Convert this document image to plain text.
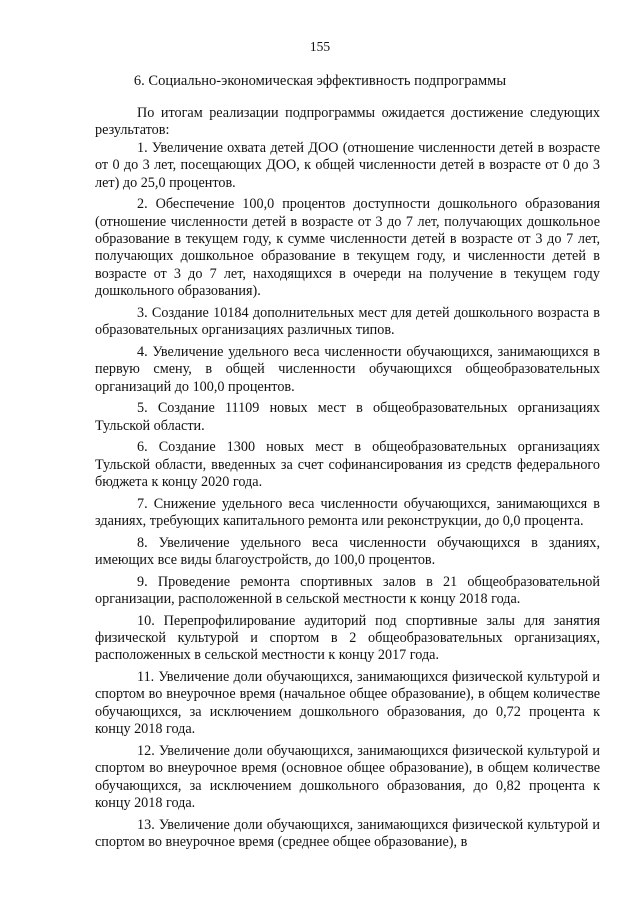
155
6. Социально-экономическая эффективность подпрограммы

По итогам реализации подпрограммы ожидается достижение следующих результатов:

1. Увеличение охвата детей ДОО (отношение численности детей в возрасте от 0 до 3 лет, посещающих ДОО, к общей численности детей в возрасте от 0 до 3 лет) до 25,0 процентов.

2. Обеспечение 100,0 процентов доступности дошкольного образования (отношение численности детей в возрасте от 3 до 7 лет, получающих дошкольное образование в текущем году, к сумме численности детей в возрасте от 3 до 7 лет, получающих дошкольное образование в текущем году, и численности детей в возрасте от 3 до 7 лет, находящихся в очереди на получение в текущем году дошкольного образования).

3. Создание 10184 дополнительных мест для детей дошкольного возраста в образовательных организациях различных типов.

4. Увеличение удельного веса численности обучающихся, занимающихся в первую смену, в общей численности обучающихся общеобразовательных организаций до 100,0 процентов.

5. Создание 11109 новых мест в общеобразовательных организациях Тульской области.

6. Создание 1300 новых мест в общеобразовательных организациях Тульской области, введенных за счет софинансирования из средств федерального бюджета к концу 2020 года.

7. Снижение удельного веса численности обучающихся, занимающихся в зданиях, требующих капитального ремонта или реконструкции, до 0,0 процента.

8. Увеличение удельного веса численности обучающихся в зданиях, имеющих все виды благоустройств, до 100,0 процентов.

9. Проведение ремонта спортивных залов в 21 общеобразовательной организации, расположенной в сельской местности к концу 2018 года.

10. Перепрофилирование аудиторий под спортивные залы для занятия физической культурой и спортом в 2 общеобразовательных организациях, расположенных в сельской местности к концу 2017 года.

11. Увеличение доли обучающихся, занимающихся физической культурой и спортом во внеурочное время (начальное общее образование), в общем количестве обучающихся, за исключением дошкольного образования, до 0,72 процента к концу 2018 года.

12. Увеличение доли обучающихся, занимающихся физической культурой и спортом во внеурочное время (основное общее образование), в общем количестве обучающихся, за исключением дошкольного образования, до 0,82 процента к концу 2018 года.

13. Увеличение доли обучающихся, занимающихся физической культурой и спортом во внеурочное время (среднее общее образование), в
